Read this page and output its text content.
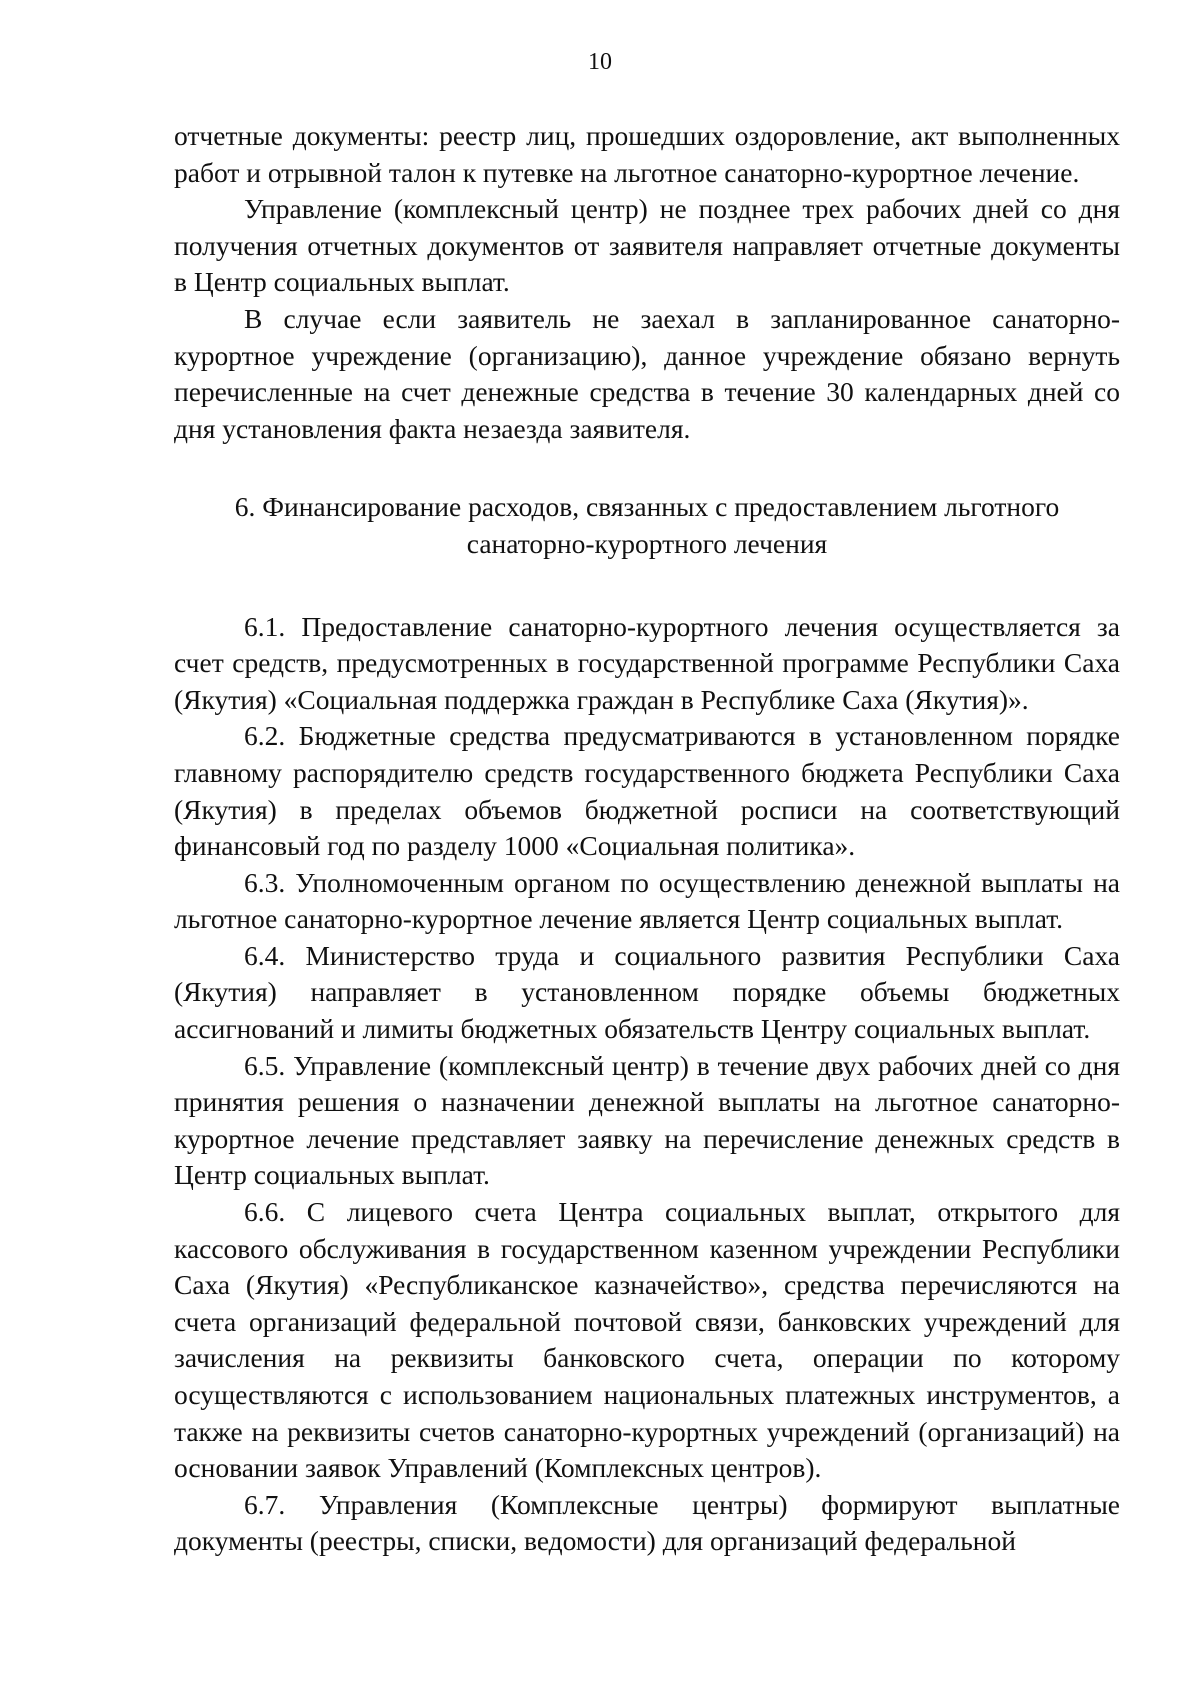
10

отчетные документы: реестр лиц, прошедших оздоровление, акт выполненных работ и отрывной талон к путевке на льготное санаторно-курортное лечение.

Управление (комплексный центр) не позднее трех рабочих дней со дня получения отчетных документов от заявителя направляет отчетные документы в Центр социальных выплат.

В случае если заявитель не заехал в запланированное санаторно-курортное учреждение (организацию), данное учреждение обязано вернуть перечисленные на счет денежные средства в течение 30 календарных дней со дня установления факта незаезда заявителя.

6. Финансирование расходов, связанных с предоставлением льготного
санаторно-курортного лечения

6.1. Предоставление санаторно-курортного лечения осуществляется за счет средств, предусмотренных в государственной программе Республики Саха (Якутия) «Социальная поддержка граждан в Республике Саха (Якутия)».

6.2. Бюджетные средства предусматриваются в установленном порядке главному распорядителю средств государственного бюджета Республики Саха (Якутия) в пределах объемов бюджетной росписи на соответствующий финансовый год по разделу 1000 «Социальная политика».

6.3. Уполномоченным органом по осуществлению денежной выплаты на льготное санаторно-курортное лечение является Центр социальных выплат.

6.4. Министерство труда и социального развития Республики Саха (Якутия) направляет в установленном порядке объемы бюджетных ассигнований и лимиты бюджетных обязательств Центру социальных выплат.

6.5. Управление (комплексный центр) в течение двух рабочих дней со дня принятия решения о назначении денежной выплаты на льготное санаторно-курортное лечение представляет заявку на перечисление денежных средств в Центр социальных выплат.

6.6. С лицевого счета Центра социальных выплат, открытого для кассового обслуживания в государственном казенном учреждении Республики Саха (Якутия) «Республиканское казначейство», средства перечисляются на счета организаций федеральной почтовой связи, банковских учреждений для зачисления на реквизиты банковского счета, операции по которому осуществляются с использованием национальных платежных инструментов, а также на реквизиты счетов санаторно-курортных учреждений (организаций) на основании заявок Управлений (Комплексных центров).

6.7. Управления (Комплексные центры) формируют выплатные документы (реестры, списки, ведомости) для организаций федеральной
